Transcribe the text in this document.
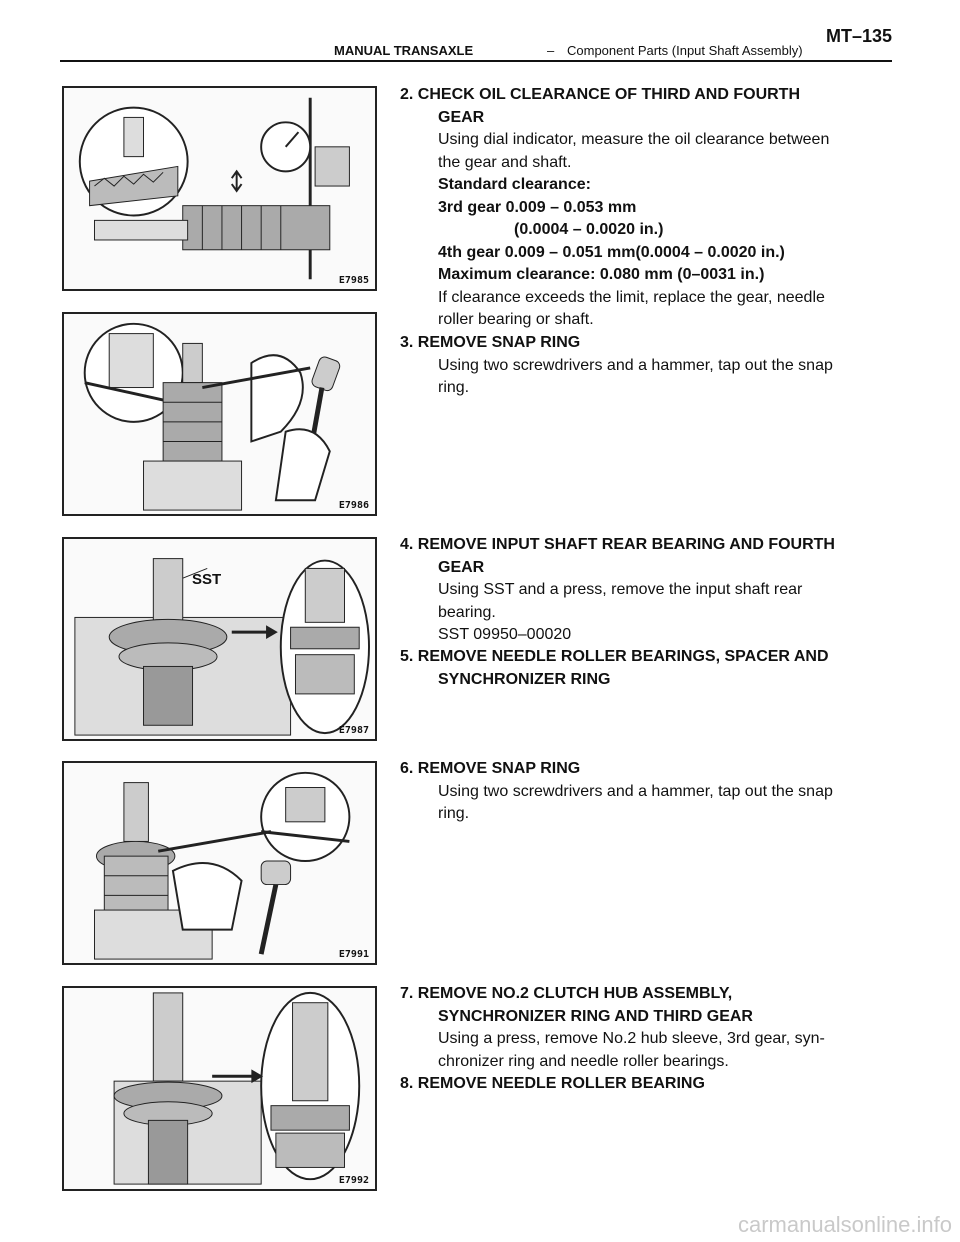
MANUAL TRANSAXLE	– Component Parts (Input Shaft Assembly)
MT–135
E7985
E7986
SST
E7987
E7991
E7992
2. CHECK OIL CLEARANCE OF THIRD AND FOURTH
GEAR
Using dial indicator, measure the oil clearance between
the gear and shaft.
Standard clearance:
3rd gear 0.009 – 0.053 mm
(0.0004 – 0.0020 in.)
4th gear 0.009 – 0.051 mm(0.0004 – 0.0020 in.)
Maximum clearance: 0.080 mm (0–0031 in.)
If clearance exceeds the limit, replace the gear, needle
roller bearing or shaft.
3. REMOVE SNAP RING
Using two screwdrivers and a hammer, tap out the snap
ring.
4. REMOVE INPUT SHAFT REAR BEARING AND FOURTH
GEAR
Using SST and a press, remove the input shaft rear
bearing.
SST 09950–00020
5. REMOVE NEEDLE ROLLER BEARINGS, SPACER AND
SYNCHRONIZER RING
6. REMOVE SNAP RING
Using two screwdrivers and a hammer, tap out the snap
ring.
7. REMOVE NO.2 CLUTCH HUB ASSEMBLY,
SYNCHRONIZER RING AND THIRD GEAR
Using a press, remove No.2 hub sleeve, 3rd gear, syn-
chronizer ring and needle roller bearings.
8. REMOVE NEEDLE ROLLER BEARING
carmanualsonline.info
